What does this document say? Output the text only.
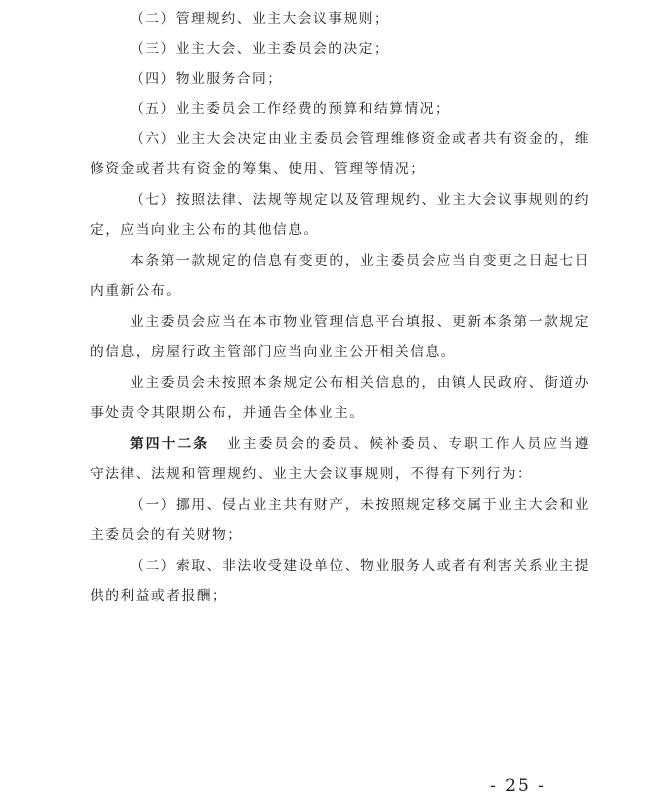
（二）管理规约、业主大会议事规则；

（三）业主大会、业主委员会的决定；

（四）物业服务合同；

（五）业主委员会工作经费的预算和结算情况；

（六）业主大会决定由业主委员会管理维修资金或者共有资金的，维修资金或者共有资金的筹集、使用、管理等情况；

（七）按照法律、法规等规定以及管理规约、业主大会议事规则的约定，应当向业主公布的其他信息。

本条第一款规定的信息有变更的，业主委员会应当自变更之日起七日内重新公布。

业主委员会应当在本市物业管理信息平台填报、更新本条第一款规定的信息，房屋行政主管部门应当向业主公开相关信息。

业主委员会未按照本条规定公布相关信息的，由镇人民政府、街道办事处责令其限期公布，并通告全体业主。

第四十二条 业主委员会的委员、候补委员、专职工作人员应当遵守法律、法规和管理规约、业主大会议事规则，不得有下列行为：

（一）挪用、侵占业主共有财产，未按照规定移交属于业主大会和业主委员会的有关财物；

（二）索取、非法收受建设单位、物业服务人或者有利害关系业主提供的利益或者报酬；

- 25 -
